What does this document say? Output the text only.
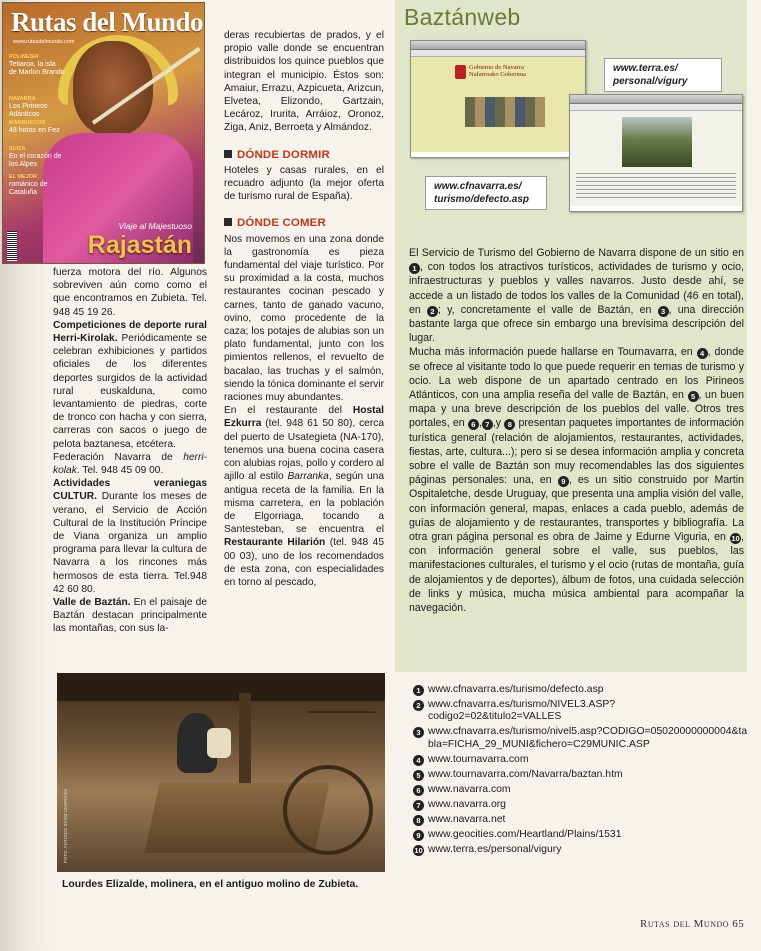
Rutas del Mundo
www.rutasdelmundo.com
POLINESIA
Tetiaroa, la isla de Marlon Brando
NAVARRA
Los Pirineos Atlánticos
MARRUECOS
48 horas en Fez
SUIZA
En el corazón de los Alpes
EL MEJOR
románico de Cataluña
Viaje al Majestuoso
Rajastán

fuerza motora del río. Algunos sobreviven aún como como el que encontramos en Zubieta. Tel. 948 45 19 26.

Competiciones de deporte rural Herri-Kirolak. Periódicamente se celebran exhibiciones y partidos oficiales de los diferentes deportes surgidos de la actividad rural euskalduna, como levantamiento de piedras, corte de tronco con hacha y con sierra, carreras con sacos o juego de pelota baztanesa, etcétera.

Federación Navarra de herri-kolak. Tel. 948 45 09 00.

Actividades veraniegas CULTUR. Durante los meses de verano, el Servicio de Acción Cultural de la Institución Príncipe de Viana organiza un amplio programa para llevar la cultura de Navarra a los rincones más hermosos de esta tierra. Tel.948 42 60 80.

Valle de Baztán. En el paisaje de Baztán destacan principalmente las montañas, con sus la-

deras recubiertas de prados, y el propio valle donde se encuentran distribuidos los quince pueblos que integran el municipio. Éstos son: Amaiur, Errazu, Azpicueta, Arizcun, Elvetea, Elizondo, Gartzain, Lecároz, Irurita, Arráioz, Oronoz, Ziga, Aniz, Berroeta y Almándoz.

DÓNDE DORMIR

Hoteles y casas rurales, en el recuadro adjunto (la mejor oferta de turismo rural de España).

DÓNDE COMER

Nos movemos en una zona donde la gastronomía es pieza fundamental del viaje turístico. Por su proximidad a la costa, muchos restaurantes cocinan pescado y carnes, tanto de ganado vacuno, ovino, como procedente de la caza; los potajes de alubias son un plato fundamental, junto con los pimientos rellenos, el revuelto de bacalao, las truchas y el salmón, siendo la tónica dominante el servir raciones muy abundantes.

En el restaurante del Hostal Ezkurra (tel. 948 61 50 80), cerca del puerto de Usategieta (NA-170), tenemos una buena cocina casera con alubias rojas, pollo y cordero al ajillo al estilo Barranka, según una antigua receta de la familia. En la misma carretera, en la población de Elgorriaga, tocando a Santesteban, se encuentra el Restaurante Hilarión (tel. 948 45 00 03), uno de los recomendados de esta zona, con especialidades en torno al pescado,

Baztánweb
Gobierno de Navarra Nafarroako Gobernua
www.cfnavarra.es/ turismo/defecto.asp
www.terra.es/ personal/vigury

El Servicio de Turismo del Gobierno de Navarra dispone de un sitio en 1 , con todos los atractivos turísticos, actividades de turismo y ocio, infraestructuras y pueblos y valles navarros. Justo desde ahí, se accede a un listado de todos los valles de la Comunidad (46 en total), en 2 ; y, concretamente el valle de Baztán, en 3 , una dirección bastante larga que ofrece sin embargo una brevísima descripción del lugar.

Mucha más información puede hallarse en Tournavarra, en 4 , donde se ofrece al visitante todo lo que puede requerir en temas de turismo y ocio. La web dispone de un apartado centrado en los Pirineos Atlánticos, con una amplia reseña del valle de Baztán, en 5 , un buen mapa y una breve descripción de los pueblos del valle. Otros tres portales, en 6 , 7 ,y 8 presentan paquetes importantes de información turística general (relación de alojamientos, restaurantes, actividades, fiestas, arte, cultura...); pero si se desea información amplia y concreta sobre el valle de Baztán son muy recomendables las dos siguientes páginas personales: una, en 9 , es un sitio construido por Martin Ospitaletche, desde Uruguay, que presenta una amplia visión del valle, con información general, mapas, enlaces a cada pueblo, además de guías de alojamiento y de restaurantes, transportes y bibliografía. La otra gran página personal es obra de Jaime y Edurne Viguria, en 10, con información general sobre el valle, sus pueblos, las manifestaciones culturales, el turismo y el ocio (rutas de montaña, guía de alojamientos y de deportes), álbum de fotos, una cuidada selección de links y música, mucha música ambiental para acompañar la navegación.

1 www.cfnavarra.es/turismo/defecto.asp
2 www.cfnavarra.es/turismo/NIVEL3.ASP?codigo2=02&titulo2=VALLES
3 www.cfnavarra.es/turismo/nivel5.asp?CODIGO=05020000000004&tabla=FICHA_29_MUNI&fichero=C29MUNIC.ASP
4 www.tournavarra.com
5 www.tournavarra.com/Navarra/baztan.htm
6 www.navarra.com
7 www.navarra.org
8 www.navarra.net
9 www.geocities.com/Heartland/Plains/1531
10 www.terra.es/personal/vigury
FOTO: ANTONIO SAINZ-IZARRAGA
Lourdes Elizalde, molinera, en el antiguo molino de Zubieta.
Rutas del Mundo 65
